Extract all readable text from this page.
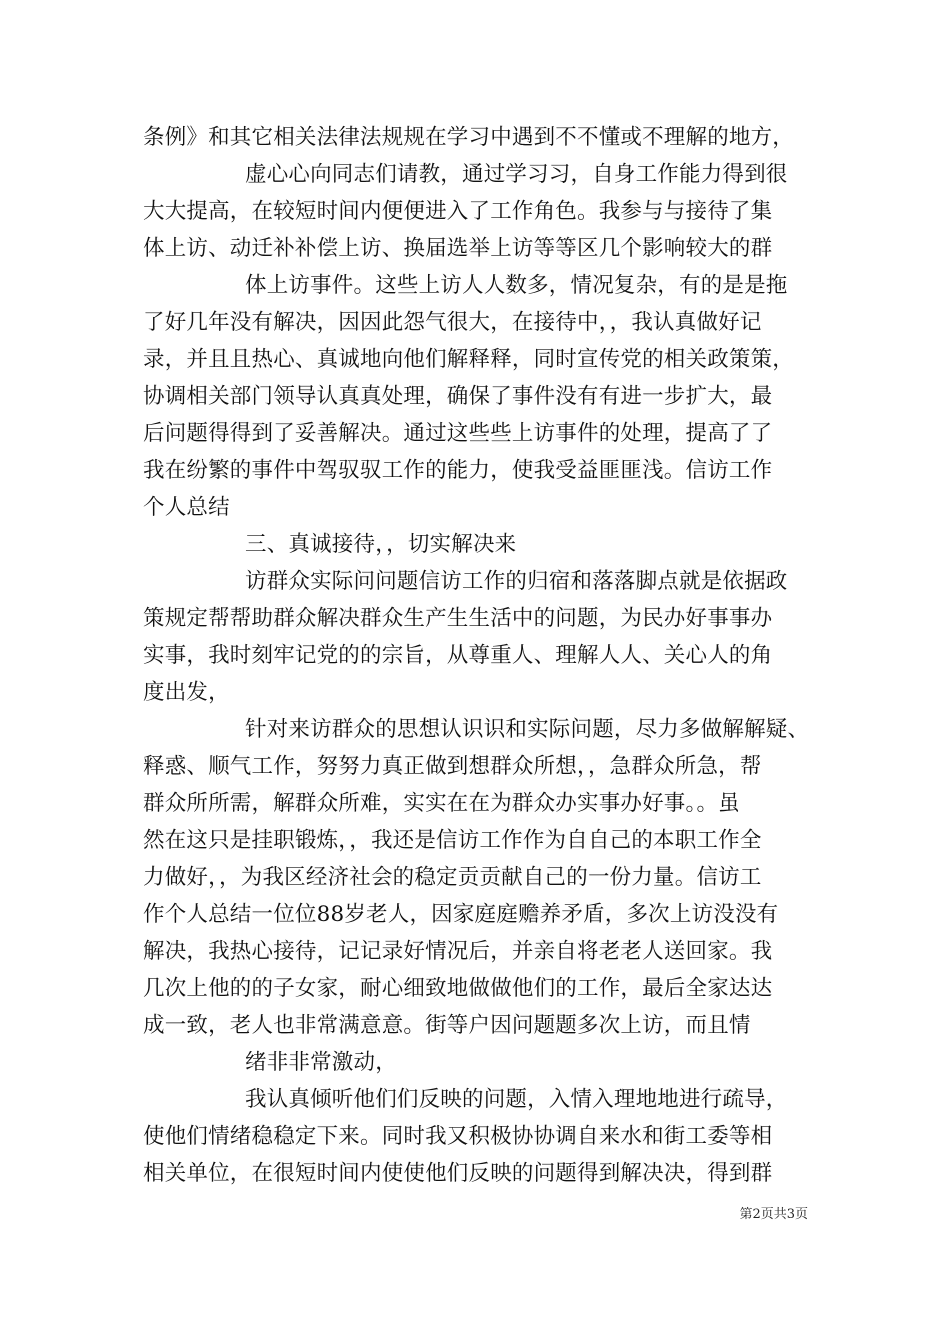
条例》和其它相关法律法规规在学习中遇到不不懂或不理解的地方，
虚心心向同志们请教，通过学习习，自身工作能力得到很
大大提高，在较短时间内便便进入了工作角色。我参与与接待了集
体上访、动迁补补偿上访、换届选举上访等等区几个影响较大的群
体上访事件。这些上访人人数多，情况复杂，有的是是拖
了好几年没有解决，因因此怨气很大，在接待中，，我认真做好记
录，并且且热心、真诚地向他们解释释，同时宣传党的相关政策策，
协调相关部门领导认真真处理，确保了事件没有有进一步扩大，最
后问题得得到了妥善解决。通过这些些上访事件的处理，提高了了
我在纷繁的事件中驾驭驭工作的能力，使我受益匪匪浅。信访工作
个人总结
三、真诚接待，，切实解决来
访群众实际问问题信访工作的归宿和落落脚点就是依据政
策规定帮帮助群众解决群众生产生生活中的问题，为民办好事事办
实事，我时刻牢记党的的宗旨，从尊重人、理解人人、关心人的角
度出发，
针对来访群众的思想认识识和实际问题，尽力多做解解疑、
释惑、顺气工作，努努力真正做到想群众所想，，急群众所急，帮
群众所所需，解群众所难，实实在在为群众办实事办好事。。虽
然在这只是挂职锻炼，，我还是信访工作作为自自己的本职工作全
力做好，，为我区经济社会的稳定贡贡献自己的一份力量。信访工
作个人总结一位位88岁老人，因家庭庭赡养矛盾，多次上访没没有
解决，我热心接待，记记录好情况后，并亲自将老老人送回家。我
几次上他的的子女家，耐心细致地做做他们的工作，最后全家达达
成一致，老人也非常满意意。街等户因问题题多次上访，而且情
绪非非常激动，
我认真倾听他们们反映的问题，入情入理地地进行疏导，
使他们情绪稳稳定下来。同时我又积极协协调自来水和街工委等相
相关单位，在很短时间内使使他们反映的问题得到解决决，得到群
第2页共3页
